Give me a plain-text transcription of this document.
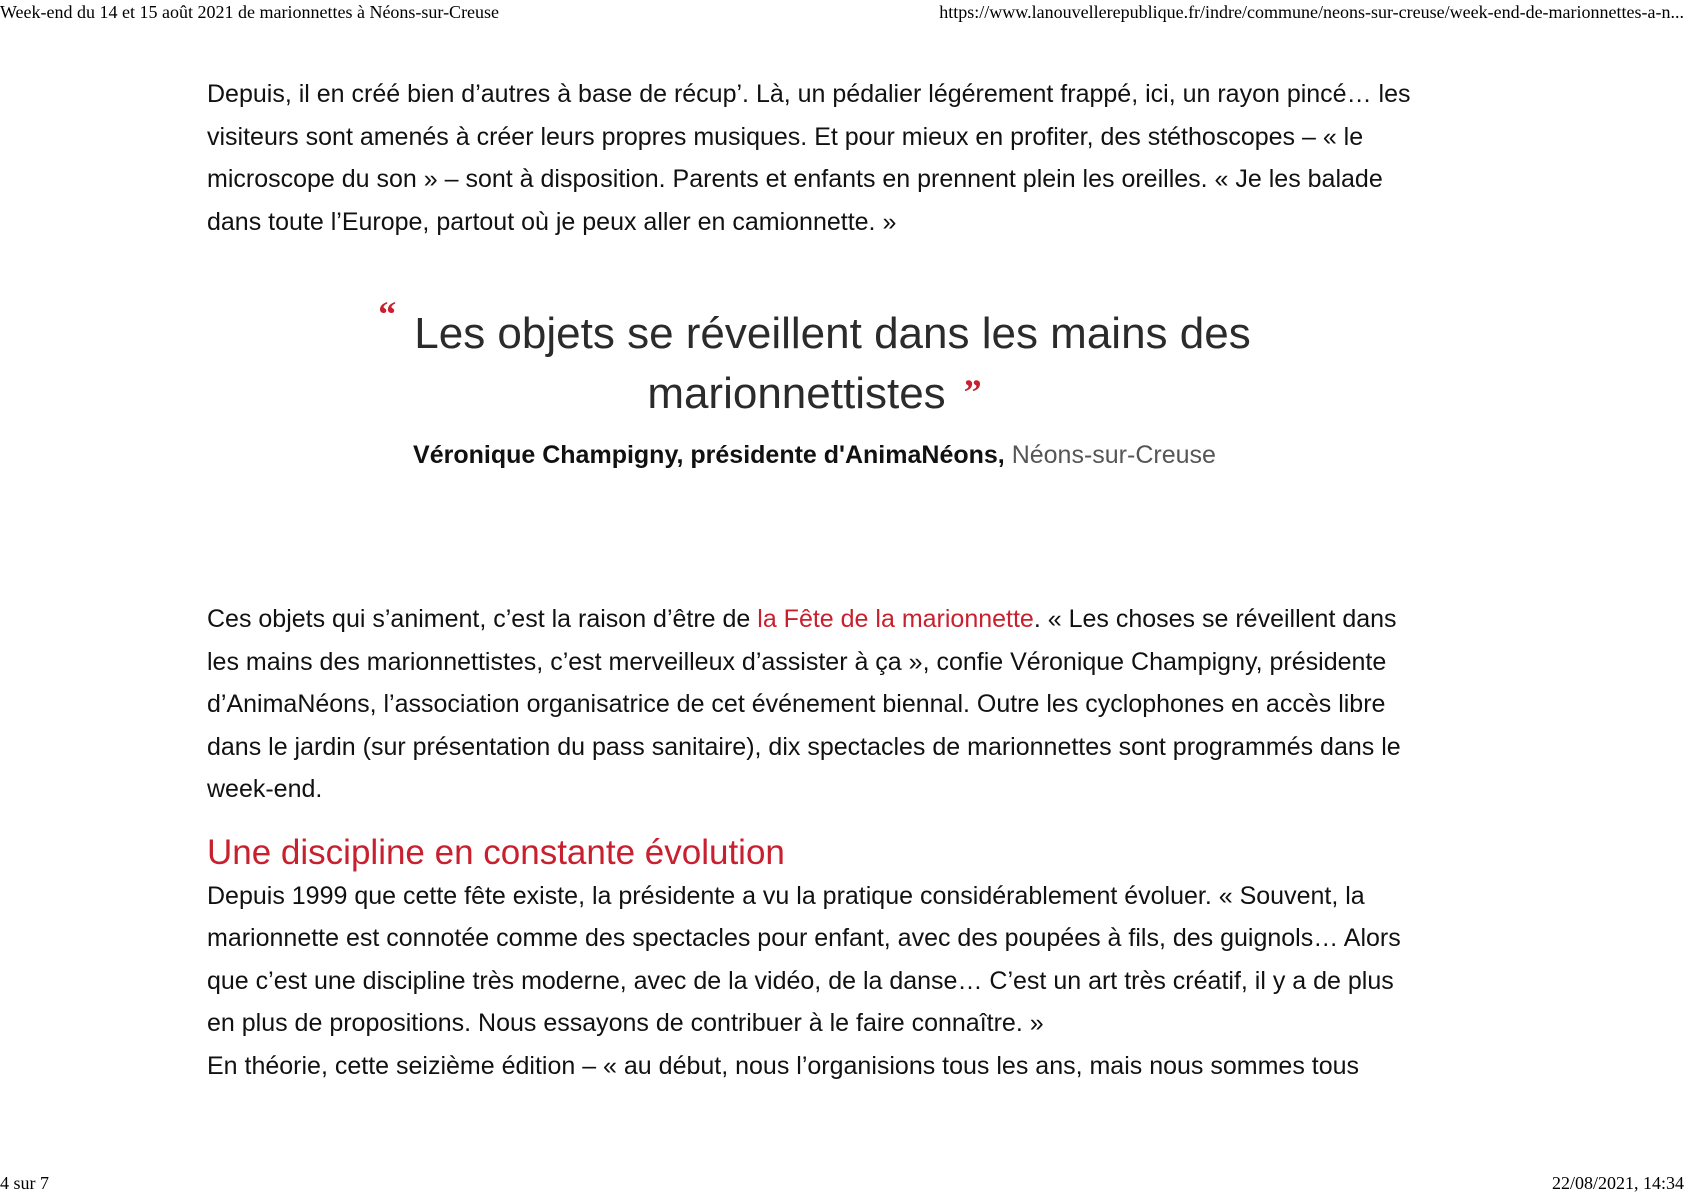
Week-end du 14 et 15 août 2021 de marionnettes à Néons-sur-Creuse	https://www.lanouvellerepublique.fr/indre/commune/neons-sur-creuse/week-end-de-marionnettes-a-n...

Depuis, il en créé bien d’autres à base de récup’. Là, un pédalier légérement frappé, ici, un rayon pincé… les visiteurs sont amenés à créer leurs propres musiques. Et pour mieux en profiter, des stéthoscopes – « le microscope du son » – sont à disposition. Parents et enfants en prennent plein les oreilles. « Je les balade dans toute l’Europe, partout où je peux aller en camionnette. »

“ Les objets se réveillent dans les mains des marionnettistes ”

Véronique Champigny, présidente d'AnimaNéons, Néons-sur-Creuse

Ces objets qui s’animent, c’est la raison d’être de la Fête de la marionnette. « Les choses se réveillent dans les mains des marionnettistes, c’est merveilleux d’assister à ça », confie Véronique Champigny, présidente d’AnimaNéons, l’association organisatrice de cet événement biennal. Outre les cyclophones en accès libre dans le jardin (sur présentation du pass sanitaire), dix spectacles de marionnettes sont programmés dans le week-end.

Une discipline en constante évolution

Depuis 1999 que cette fête existe, la présidente a vu la pratique considérablement évoluer. « Souvent, la marionnette est connotée comme des spectacles pour enfant, avec des poupées à fils, des guignols… Alors que c’est une discipline très moderne, avec de la vidéo, de la danse… C’est un art très créatif, il y a de plus en plus de propositions. Nous essayons de contribuer à le faire connaître. »

En théorie, cette seizième édition – « au début, nous l’organisions tous les ans, mais nous sommes tous

4 sur 7	22/08/2021, 14:34
